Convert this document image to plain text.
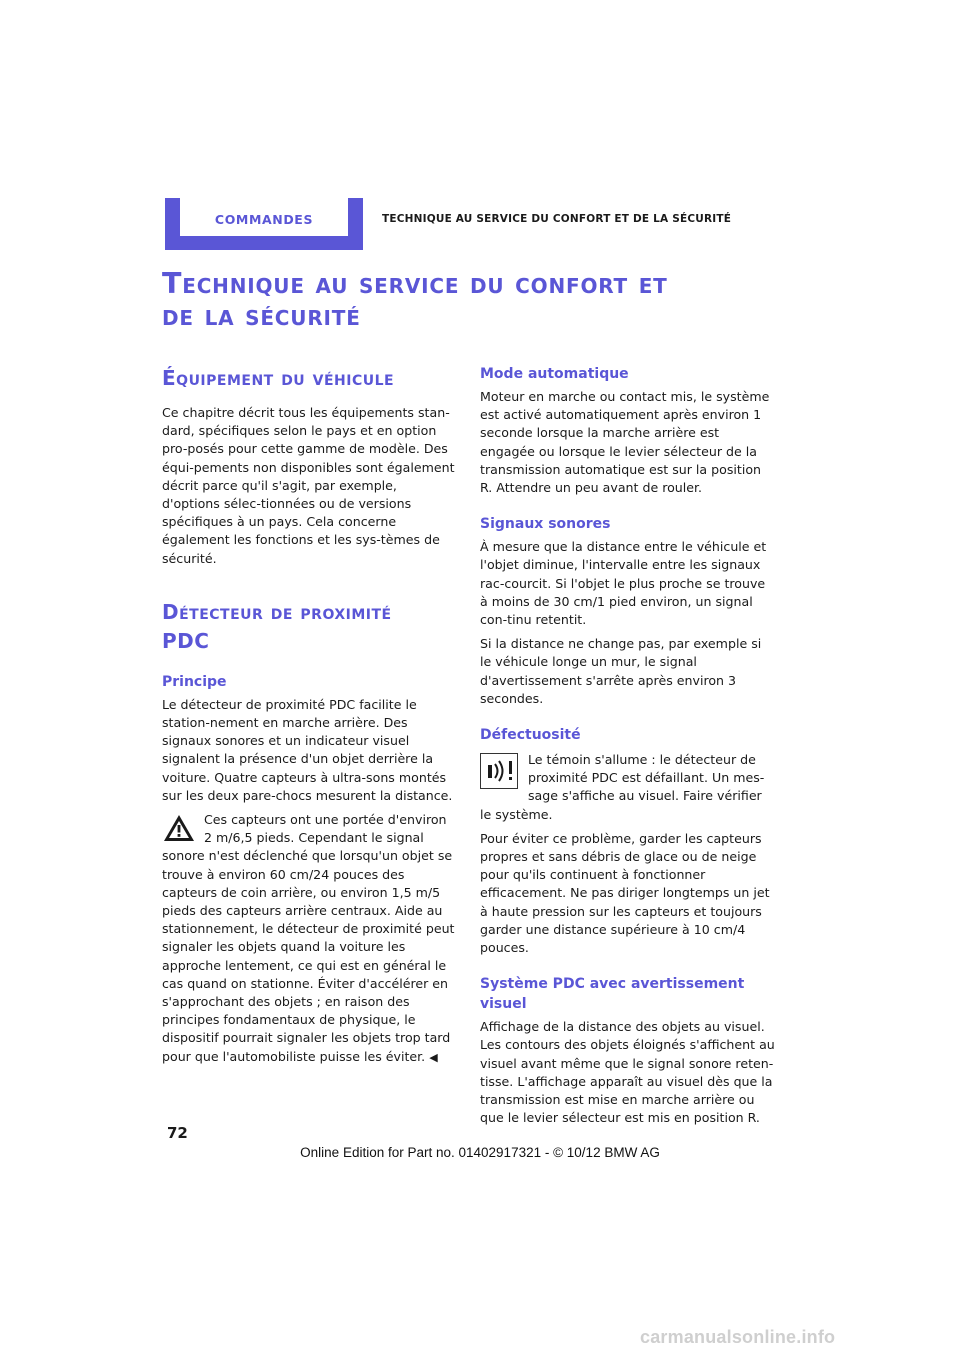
COMMANDES	TECHNIQUE AU SERVICE DU CONFORT ET DE LA SÉCURITÉ
Technique au service du confort et
de la sécurité
Équipement du véhicule

Ce chapitre décrit tous les équipements stan-dard, spécifiques selon le pays et en option pro-posés pour cette gamme de modèle. Des équi-pements non disponibles sont également décrit parce qu'il s'agit, par exemple, d'options sélec-tionnées ou de versions spécifiques à un pays. Cela concerne également les fonctions et les sys-tèmes de sécurité.

Détecteur de proximité PDC
Principe

Le détecteur de proximité PDC facilite le station-nement en marche arrière. Des signaux sonores et un indicateur visuel signalent la présence d'un objet derrière la voiture. Quatre capteurs à ultra-sons montés sur les deux pare-chocs mesurent la distance.

Ces capteurs ont une portée d'environ 2 m/6,5 pieds. Cependant le signal sonore n'est déclenché que lorsqu'un objet se trouve à environ 60 cm/24 pouces des capteurs de coin arrière, ou environ 1,5 m/5 pieds des capteurs arrière centraux. Aide au stationnement, le détecteur de proximité peut signaler les objets quand la voiture les approche lentement, ce qui est en général le cas quand on stationne. Éviter d'accélérer en s'approchant des objets ; en raison des principes fondamentaux de physique, le dispositif pourrait signaler les objets trop tard pour que l'automobiliste puisse les éviter. ◀

Mode automatique

Moteur en marche ou contact mis, le système est activé automatiquement après environ 1 seconde lorsque la marche arrière est engagée ou lorsque le levier sélecteur de la transmission automatique est sur la position R. Attendre un peu avant de rouler.

Signaux sonores

À mesure que la distance entre le véhicule et l'objet diminue, l'intervalle entre les signaux rac-courcit. Si l'objet le plus proche se trouve à moins de 30 cm/1 pied environ, un signal con-tinu retentit.

Si la distance ne change pas, par exemple si le véhicule longe un mur, le signal d'avertissement s'arrête après environ 3 secondes.

Défectuosité

Le témoin s'allume : le détecteur de proximité PDC est défaillant. Un mes-sage s'affiche au visuel. Faire vérifier le système.

Pour éviter ce problème, garder les capteurs propres et sans débris de glace ou de neige pour qu'ils continuent à fonctionner efficacement. Ne pas diriger longtemps un jet à haute pression sur les capteurs et toujours garder une distance supérieure à 10 cm/4 pouces.

Système PDC avec avertissement visuel

Affichage de la distance des objets au visuel. Les contours des objets éloignés s'affichent au visuel avant même que le signal sonore reten-tisse. L'affichage apparaît au visuel dès que la transmission est mise en marche arrière ou que le levier sélecteur est mis en position R.

72
Online Edition for Part no. 01402917321 - © 10/12 BMW AG
carmanualsonline.info
